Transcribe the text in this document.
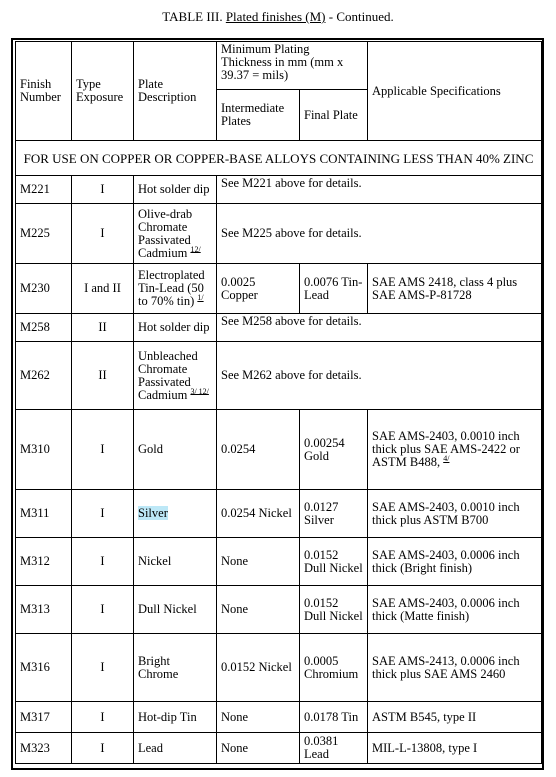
TABLE III. Plated finishes (M) - Continued.
Finish Number	Type Exposure	Plate Description	Minimum Plating Thickness in mm (mm x 39.37 = mils)		Applicable Specifications
			Intermediate Plates	Final Plate	
FOR USE ON COPPER OR COPPER-BASE ALLOYS CONTAINING LESS THAN 40% ZINC					
M221	I	Hot solder dip	See M221 above for details.		
M225	I	Olive-drab Chromate Passivated Cadmium $^{12/}$	See M225 above for details.		
M230	I and II	Electroplated Tin-Lead (50 to 70% tin) $^{1/}$	0.0025 Copper	0.0076 Tin-Lead	SAE AMS 2418, class 4 plus SAE AMS-P-81728
M258	II	Hot solder dip	See M258 above for details.		
M262	II	Unbleached Chromate Passivated Cadmium $^{3/ 12/}$	See M262 above for details.		
M310	I	Gold	0.0254	0.00254 Gold	SAE AMS-2403, 0.0010 inch thick plus SAE AMS-2422 or ASTM B488, $^{4/}$
M311	I	Silver	0.0254 Nickel	0.0127 Silver	SAE AMS-2403, 0.0010 inch thick plus ASTM B700
M312	I	Nickel	None	0.0152 Dull Nickel	SAE AMS-2403, 0.0006 inch thick (Bright finish)
M313	I	Dull Nickel	None	0.0152 Dull Nickel	SAE AMS-2403, 0.0006 inch thick (Matte finish)
M316	I	Bright Chrome	0.0152 Nickel	0.0005 Chromium	SAE AMS-2413, 0.0006 inch thick plus SAE AMS 2460
M317	I	Hot-dip Tin	None	0.0178 Tin	ASTM B545, type II
M323	I	Lead	None	0.0381 Lead	MIL-L-13808, type I
